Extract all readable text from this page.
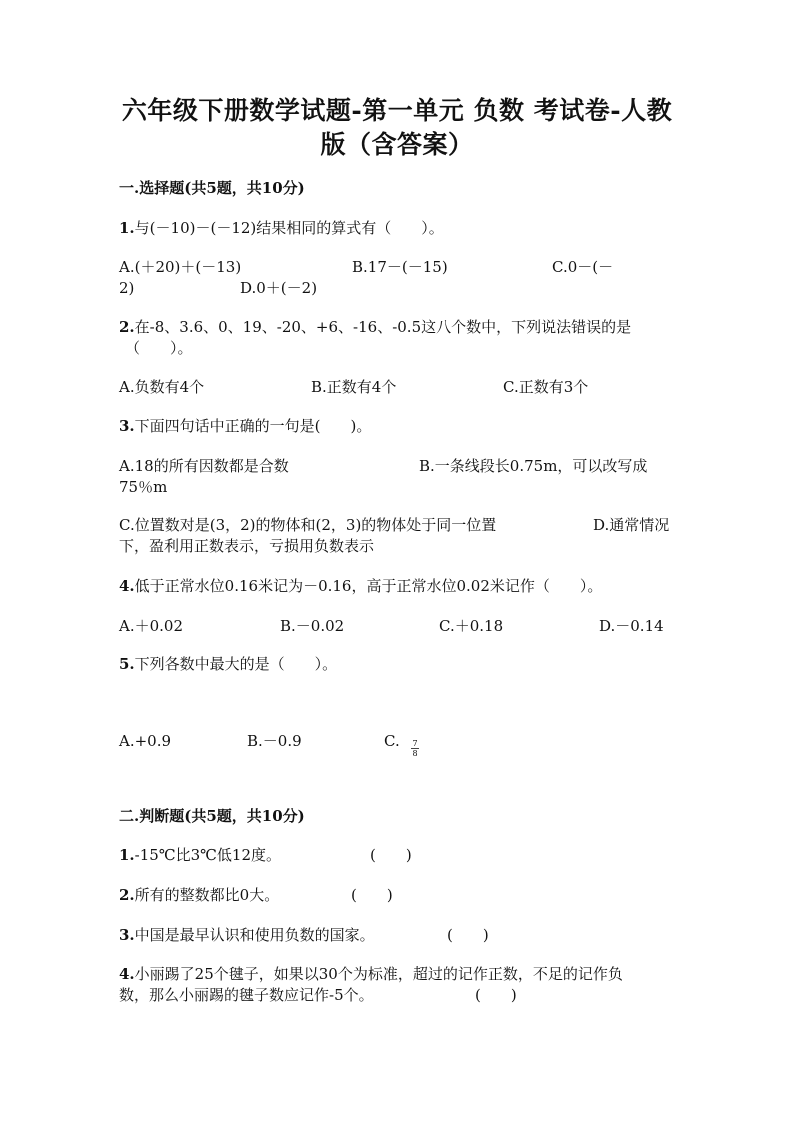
六年级下册数学试题-第一单元 负数 考试卷-人教
版（含答案）
一.选择题(共5题，共10分)
1.与(－10)－(－12)结果相同的算式有（　　）。
A.(＋20)＋(－13)	B.17－(－15)	C.0－(－
2)	D.0＋(－2)
2.在-8、3.6、0、19、-20、+6、-16、-0.5这八个数中，下列说法错误的是
（　　）。
A.负数有4个	B.正数有4个	C.正数有3个
3.下面四句话中正确的一句是(　　)。
A.18的所有因数都是合数	B.一条线段长0.75m，可以改写成
75％m
C.位置数对是(3，2)的物体和(2，3)的物体处于同一位置	D.通常情况
下，盈利用正数表示，亏损用负数表示
4.低于正常水位0.16米记为－0.16，高于正常水位0.02米记作（　　）。
A.＋0.02	B.－0.02	C.＋0.18	D.－0.14
5.下列各数中最大的是（　　）。
A.+0.9	B.－0.9	C.	7
8
二.判断题(共5题，共10分)
1.-15℃比3℃低12度。	(　　)
2.所有的整数都比0大。	(　　)
3.中国是最早认识和使用负数的国家。	(　　)
4.小丽踢了25个毽子，如果以30个为标准，超过的记作正数，不足的记作负
数，那么小丽踢的毽子数应记作-5个。	(　　)
